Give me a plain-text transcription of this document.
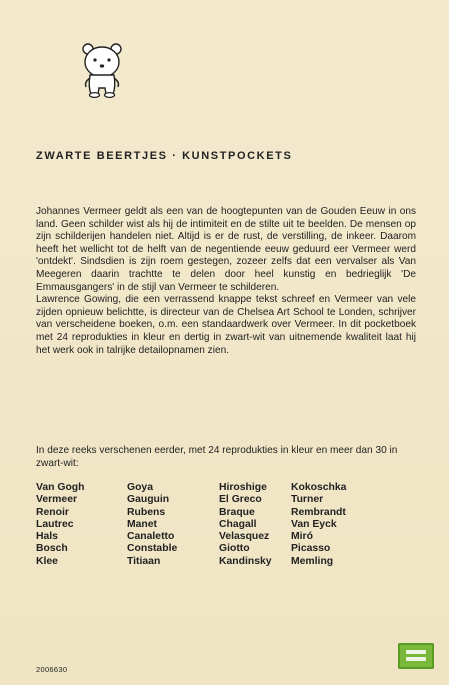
ZWARTE BEERTJES · KUNSTPOCKETS

Johannes Vermeer geldt als een van de hoogtepunten van de Gouden Eeuw in ons land. Geen schilder wist als hij de intimiteit en de stilte uit te beelden. De mensen op zijn schilderijen handelen niet. Altijd is er de rust, de verstilling, de inkeer. Daarom heeft het wellicht tot de helft van de negentiende eeuw geduurd eer Vermeer werd 'ontdekt'. Sindsdien is zijn roem gestegen, zozeer zelfs dat een vervalser als Van Meegeren daarin trachtte te delen door heel kunstig en bedrieglijk 'De Emmausgangers' in de stijl van Vermeer te schilderen.

Lawrence Gowing, die een verrassend knappe tekst schreef en Vermeer van vele zijden opnieuw belichtte, is directeur van de Chelsea Art School te Londen, schrijver van verscheidene boeken, o.m. een standaardwerk over Vermeer. In dit pocketboek met 24 reprodukties in kleur en dertig in zwart-wit van uitnemende kwaliteit laat hij het werk ook in talrijke detailopnamen zien.

In deze reeks verschenen eerder, met 24 reprodukties in kleur en meer dan 30 in zwart-wit:
Van Gogh
Vermeer
Renoir
Lautrec
Hals
Bosch
Klee
Goya
Gauguin
Rubens
Manet
Canaletto
Constable
Titiaan
Hiroshige
El Greco
Braque
Chagall
Velasquez
Giotto
Kandinsky
Kokoschka
Turner
Rembrandt
Van Eyck
Miró
Picasso
Memling
2006630
